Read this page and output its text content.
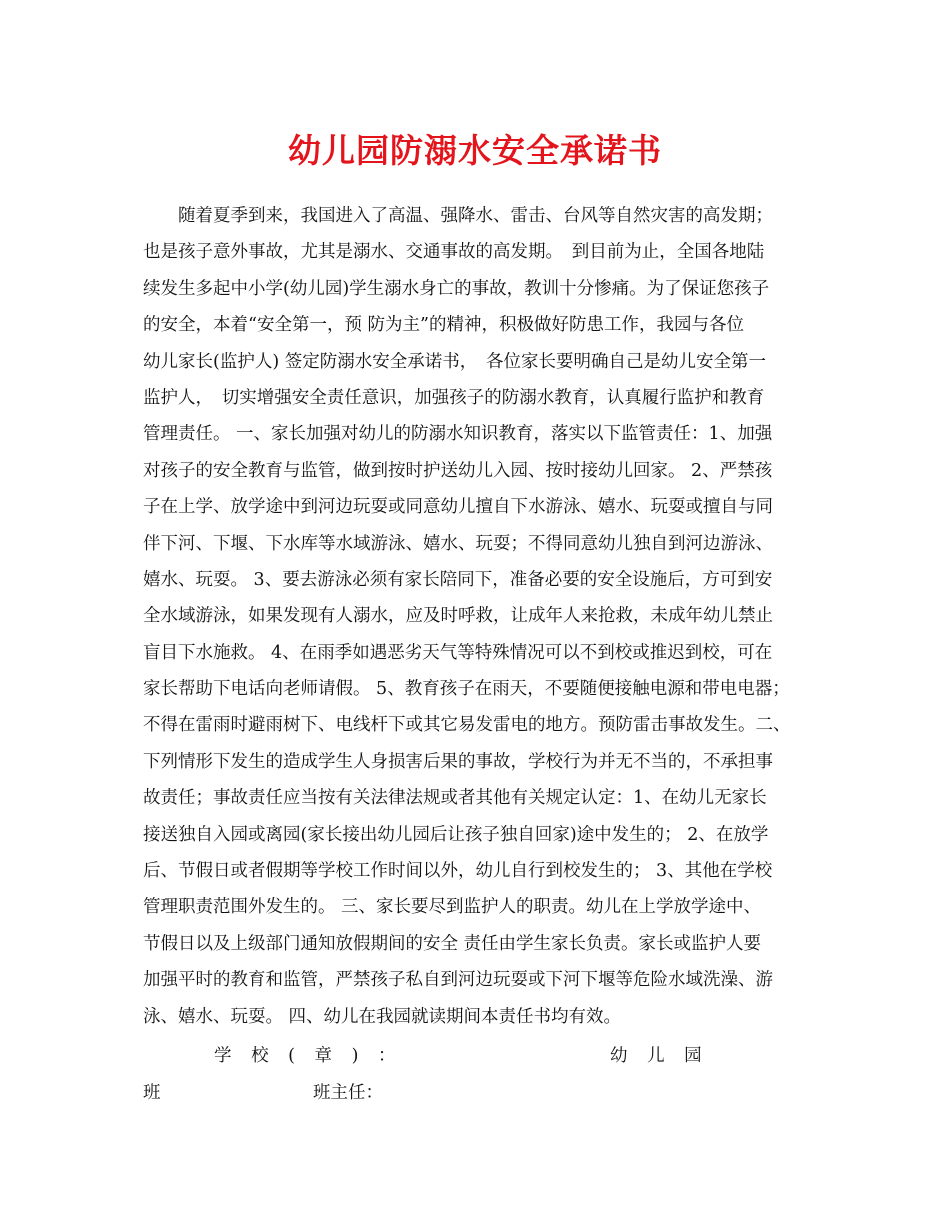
幼儿园防溺水安全承诺书
　　随着夏季到来，我国进入了高温、强降水、雷击、台风等自然灾害的高发期；
也是孩子意外事故，尤其是溺水、交通事故的高发期。　到目前为止，全国各地陆
续发生多起中小学(幼儿园)学生溺水身亡的事故，教训十分惨痛。为了保证您孩子
的安全，本着“安全第一，预 防为主”的精神，积极做好防患工作，我园与各位
幼儿家长(监护人) 签定防溺水安全承诺书，　各位家长要明确自己是幼儿安全第一
监护人，　切实增强安全责任意识，加强孩子的防溺水教育，认真履行监护和教育
管理责任。 一、家长加强对幼儿的防溺水知识教育，落实以下监管责任：1、加强
对孩子的安全教育与监管，做到按时护送幼儿入园、按时接幼儿回家。 2、严禁孩
子在上学、放学途中到河边玩耍或同意幼儿擅自下水游泳、嬉水、玩耍或擅自与同
伴下河、下堰、下水库等水域游泳、嬉水、玩耍；不得同意幼儿独自到河边游泳、
嬉水、玩耍。 3、要去游泳必须有家长陪同下，准备必要的安全设施后，方可到安
全水域游泳，如果发现有人溺水，应及时呼救，让成年人来抢救，未成年幼儿禁止
盲目下水施救。 4、在雨季如遇恶劣天气等特殊情况可以不到校或推迟到校，可在
家长帮助下电话向老师请假。 5、教育孩子在雨天，不要随便接触电源和带电电器；
不得在雷雨时避雨树下、电线杆下或其它易发雷电的地方。预防雷击事故发生。二、
下列情形下发生的造成学生人身损害后果的事故，学校行为并无不当的，不承担事
故责任；事故责任应当按有关法律法规或者其他有关规定认定：1、在幼儿无家长
接送独自入园或离园(家长接出幼儿园后让孩子独自回家)途中发生的； 2、在放学
后、节假日或者假期等学校工作时间以外，幼儿自行到校发生的； 3、其他在学校
管理职责范围外发生的。 三、家长要尽到监护人的职责。幼儿在上学放学途中、
节假日以及上级部门通知放假期间的安全 责任由学生家长负责。家长或监护人要
加强平时的教育和监管，严禁孩子私自到河边玩耍或下河下堰等危险水域洗澡、游
泳、嬉水、玩耍。 四、幼儿在我园就读期间本责任书均有效。
学 校 ( 章 ) ：	幼 儿 园
班	班主任：
